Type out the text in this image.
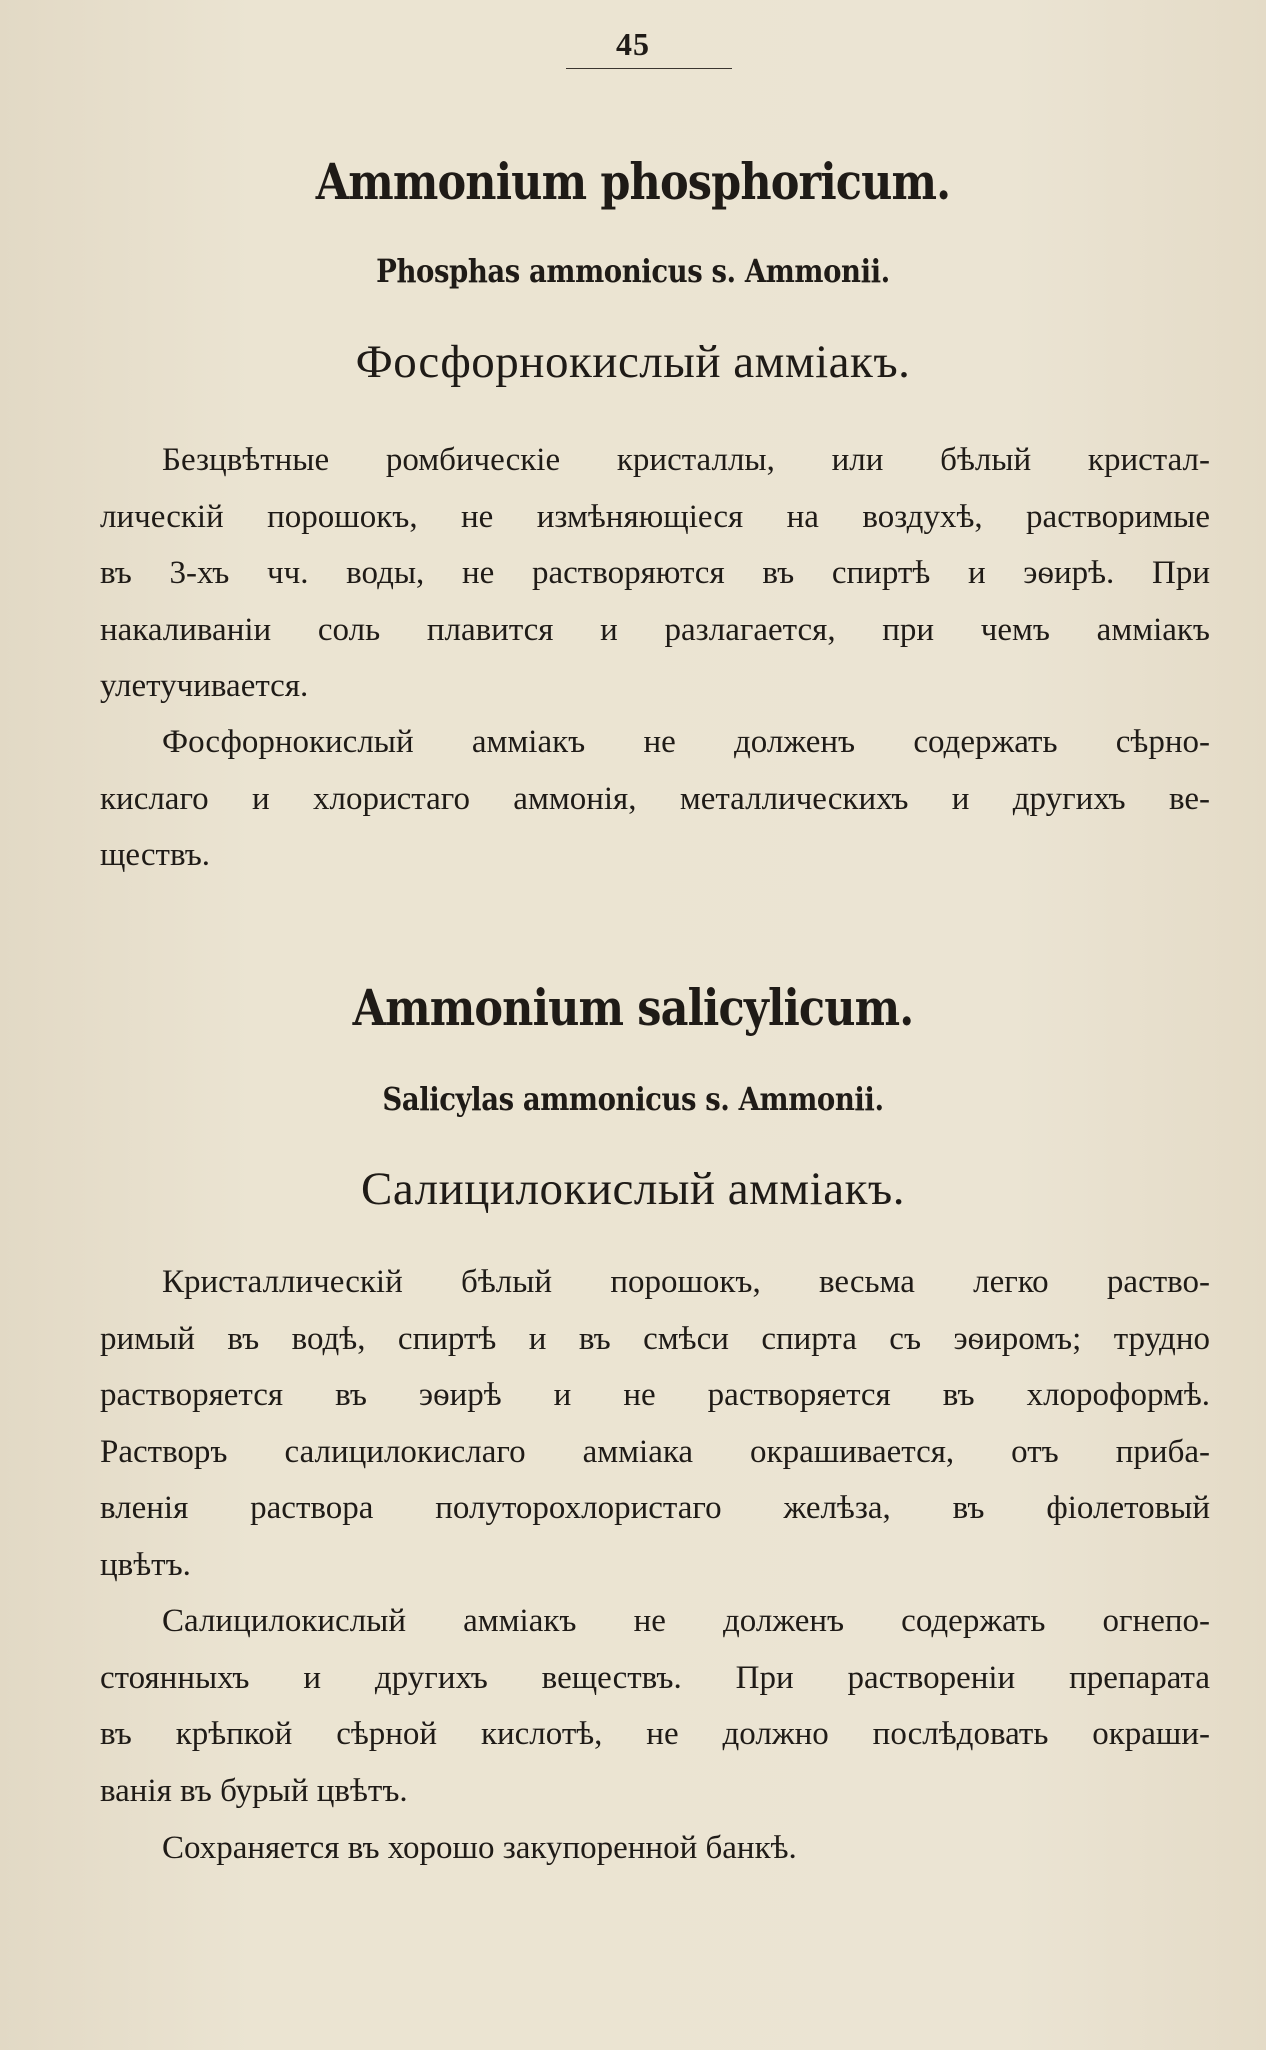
45
Ammonium phosphoricum.
Phosphas ammonicus s. Ammonii.
Фосфорнокислый амміакъ.

Безцвѣтные ромбическіе кристаллы, или бѣлый кристал-
лическій порошокъ, не измѣняющіеся на воздухѣ, растворимые
въ 3-хъ чч. воды, не растворяются въ спиртѣ и эѳирѣ. При
накаливаніи соль плавится и разлагается, при чемъ амміакъ
улетучивается.

Фосфорнокислый амміакъ не долженъ содержать сѣрно-
кислаго и хлористаго аммонія, металлическихъ и другихъ ве-
ществъ.

Ammonium salicylicum.
Salicylas ammonicus s. Ammonii.
Салицилокислый амміакъ.

Кристаллическій бѣлый порошокъ, весьма легко раство-
римый въ водѣ, спиртѣ и въ смѣси спирта съ эѳиромъ; трудно
растворяется въ эѳирѣ и не растворяется въ хлороформѣ.
Растворъ салицилокислаго амміака окрашивается, отъ приба-
вленія раствора полуторохлористаго желѣза, въ фіолетовый
цвѣтъ.

Салицилокислый амміакъ не долженъ содержать огнепо-
стоянныхъ и другихъ веществъ. При раствореніи препарата
въ крѣпкой сѣрной кислотѣ, не должно послѣдовать окраши-
ванія въ бурый цвѣтъ.

Сохраняется въ хорошо закупоренной банкѣ.
